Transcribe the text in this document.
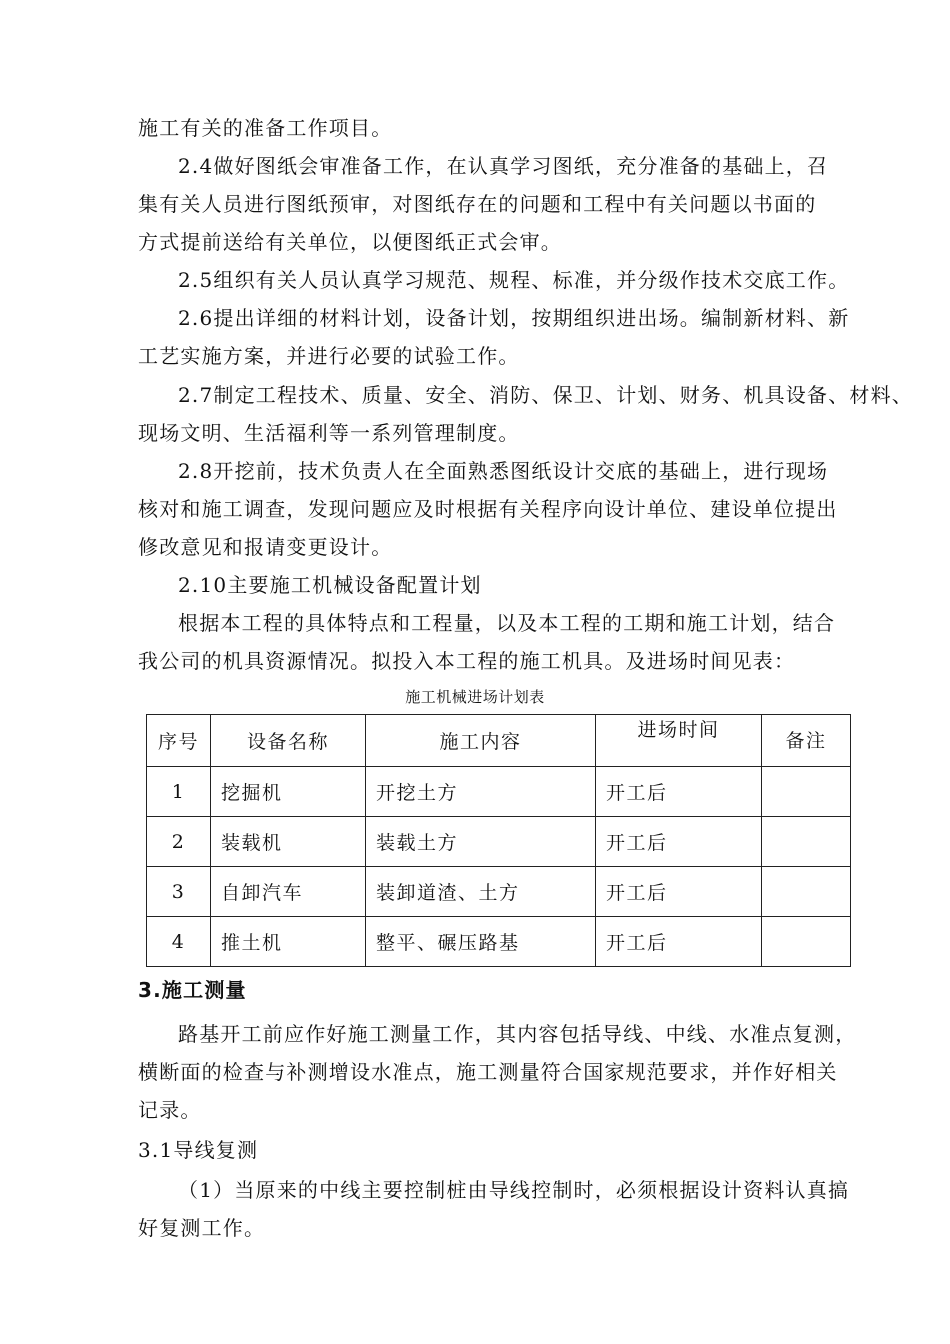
施工有关的准备工作项目。
2.4做好图纸会审准备工作，在认真学习图纸，充分准备的基础上，召
集有关人员进行图纸预审，对图纸存在的问题和工程中有关问题以书面的
方式提前送给有关单位，以便图纸正式会审。
2.5组织有关人员认真学习规范、规程、标准，并分级作技术交底工作。
2.6提出详细的材料计划，设备计划，按期组织进出场。编制新材料、新
工艺实施方案，并进行必要的试验工作。
2.7制定工程技术、质量、安全、消防、保卫、计划、财务、机具设备、材料、
现场文明、生活福利等一系列管理制度。
2.8开挖前，技术负责人在全面熟悉图纸设计交底的基础上，进行现场
核对和施工调查，发现问题应及时根据有关程序向设计单位、建设单位提出
修改意见和报请变更设计。
2.10主要施工机械设备配置计划
根据本工程的具体特点和工程量，以及本工程的工期和施工计划，结合
我公司的机具资源情况。拟投入本工程的施工机具。及进场时间见表：
施工机械进场计划表
序号	设备名称	施工内容	进场时间	备注
1	挖掘机	开挖土方	开工后	
2	装载机	装载土方	开工后	
3	自卸汽车	装卸道渣、土方	开工后	
4	推土机	整平、碾压路基	开工后	
3.施工测量
路基开工前应作好施工测量工作，其内容包括导线、中线、水准点复测，
横断面的检查与补测增设水准点，施工测量符合国家规范要求，并作好相关
记录。
3.1导线复测
（1）当原来的中线主要控制桩由导线控制时，必须根据设计资料认真搞
好复测工作。
